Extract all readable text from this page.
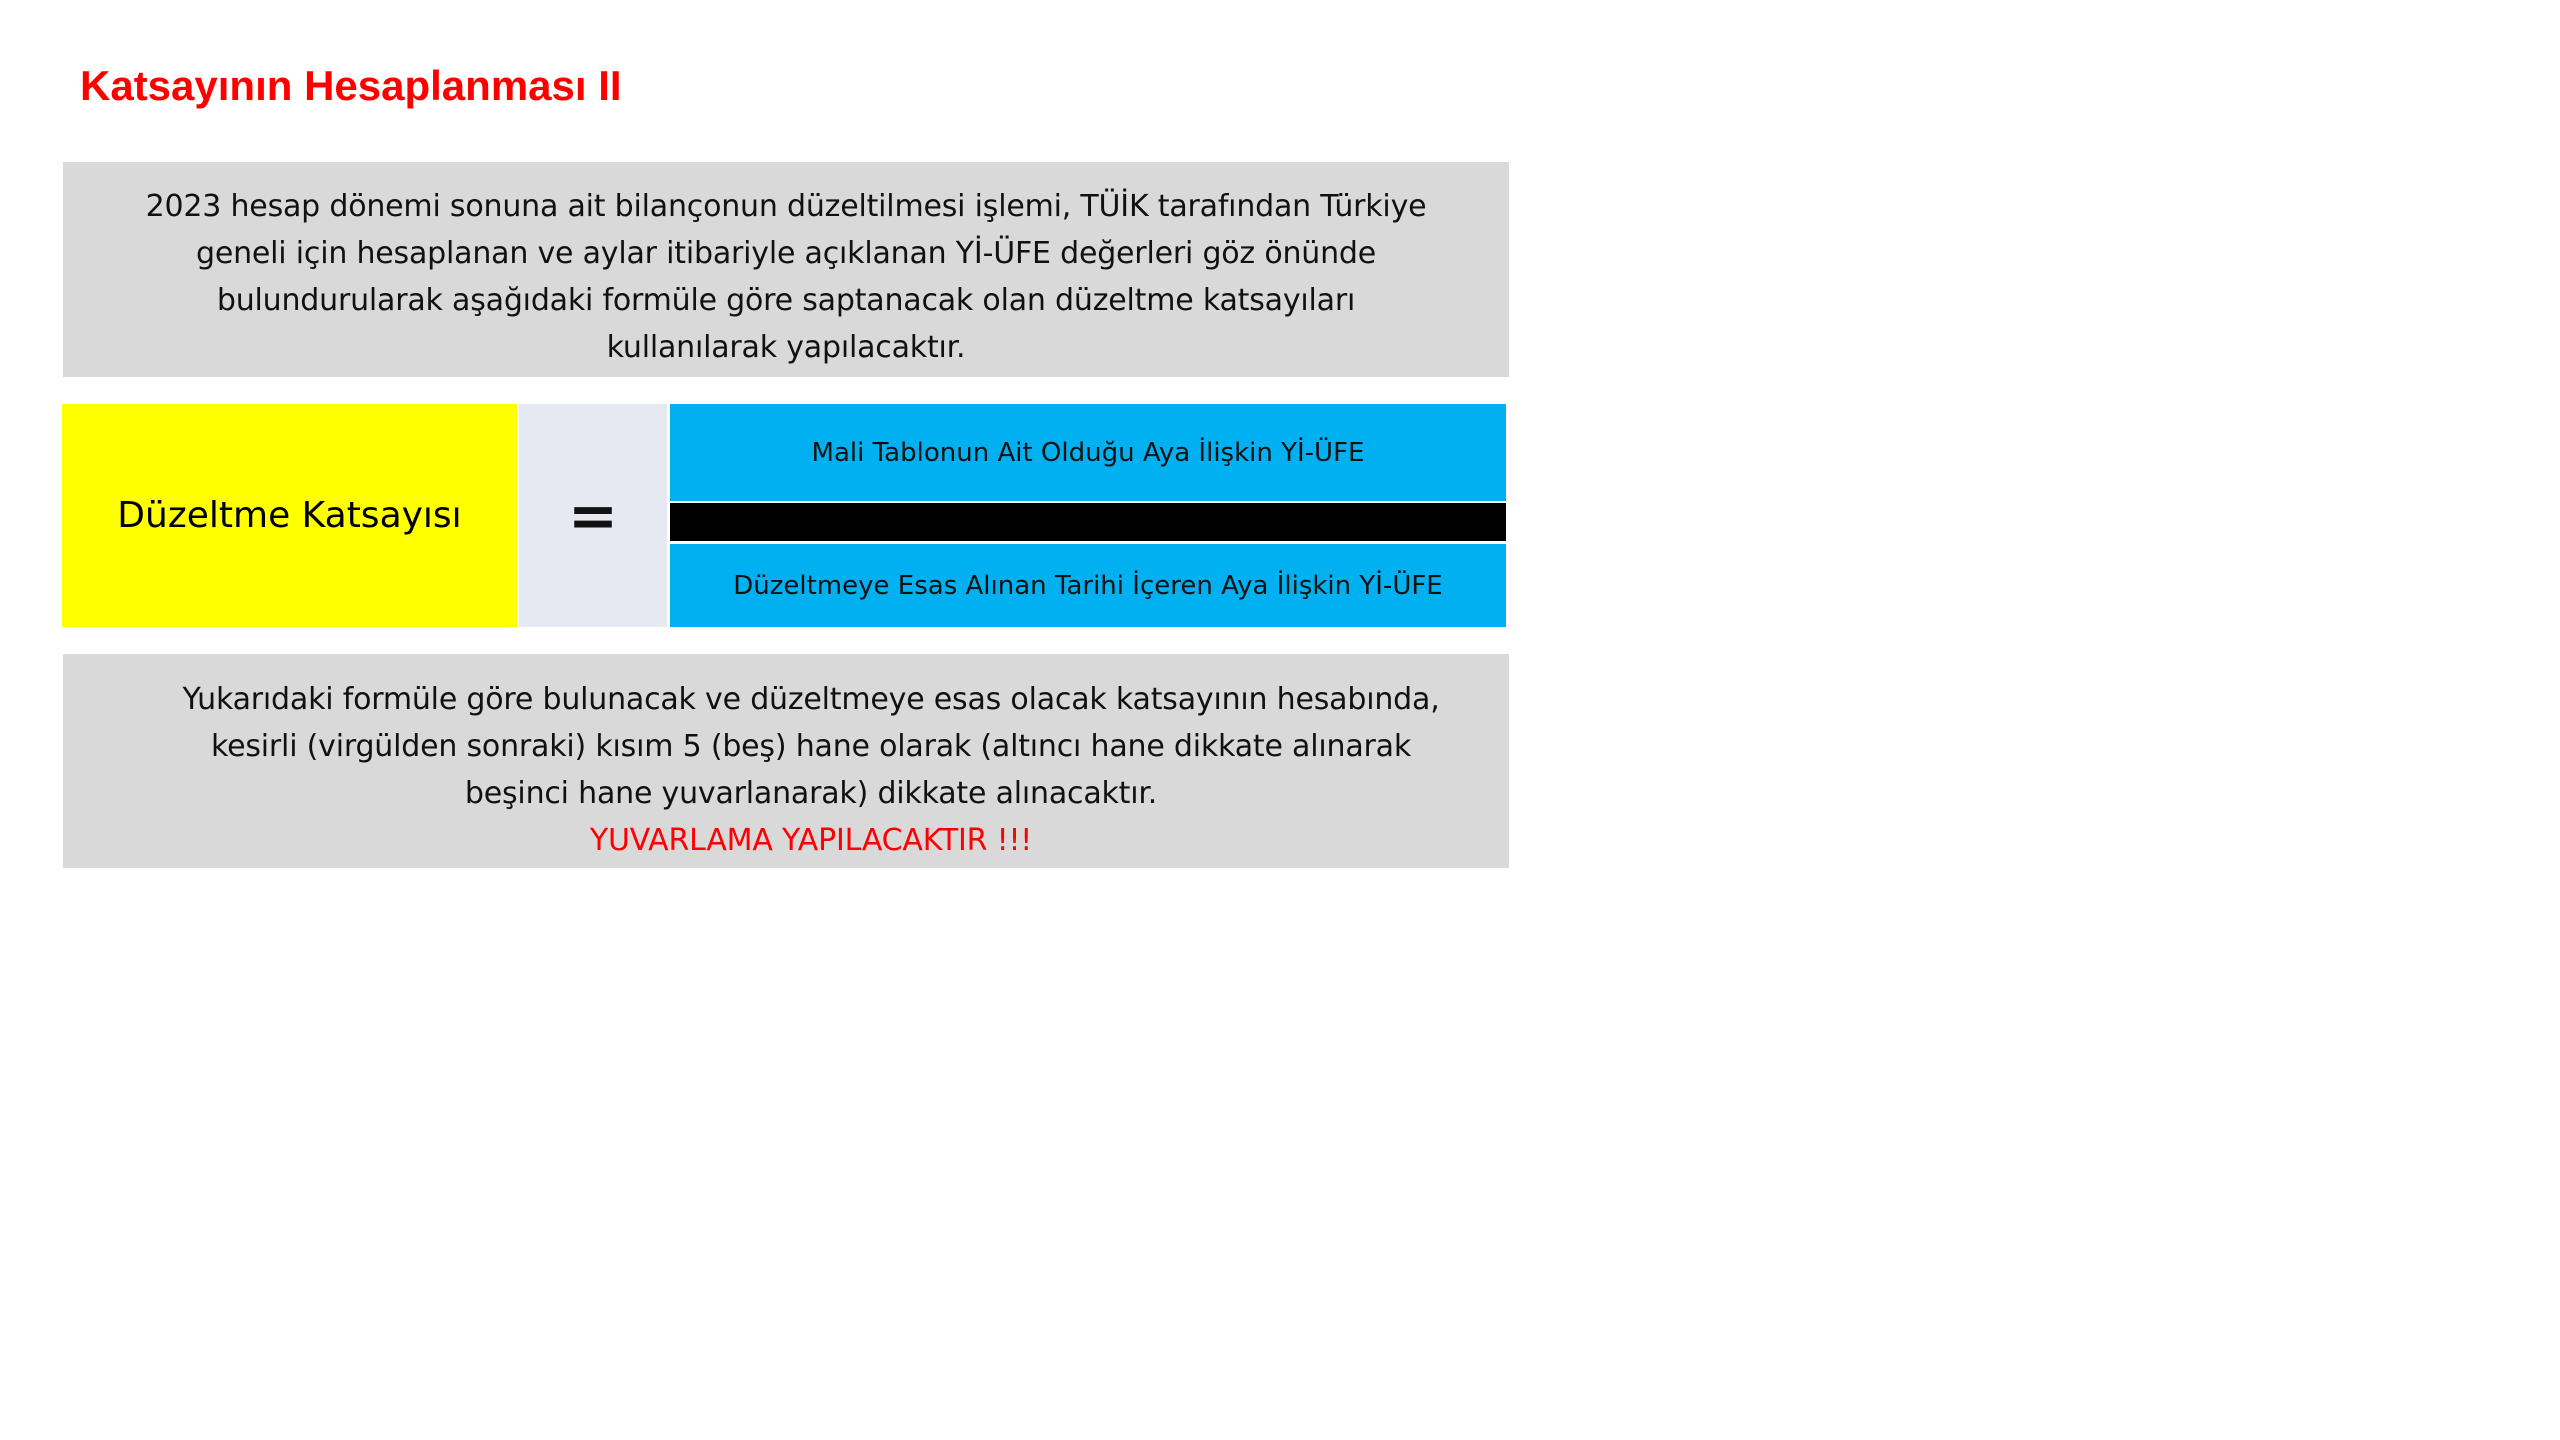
Katsayının Hesaplanması II

2023 hesap dönemi sonuna ait bilançonun düzeltilmesi işlemi, TÜİK tarafından Türkiye

geneli için hesaplanan ve aylar itibariyle açıklanan Yİ-ÜFE değerleri göz önünde

bulundurularak aşağıdaki formüle göre saptanacak olan düzeltme katsayıları

kullanılarak yapılacaktır.

Düzeltme Katsayısı =
Mali Tablonun Ait Olduğu Aya İlişkin Yİ-ÜFE
Düzeltmeye Esas Alınan Tarihi İçeren Aya İlişkin Yİ-ÜFE

Yukarıdaki formüle göre bulunacak ve düzeltmeye esas olacak katsayının hesabında,

kesirli (virgülden sonraki) kısım 5 (beş) hane olarak (altıncı hane dikkate alınarak

beşinci hane yuvarlanarak) dikkate alınacaktır.

YUVARLAMA YAPILACAKTIR !!!
